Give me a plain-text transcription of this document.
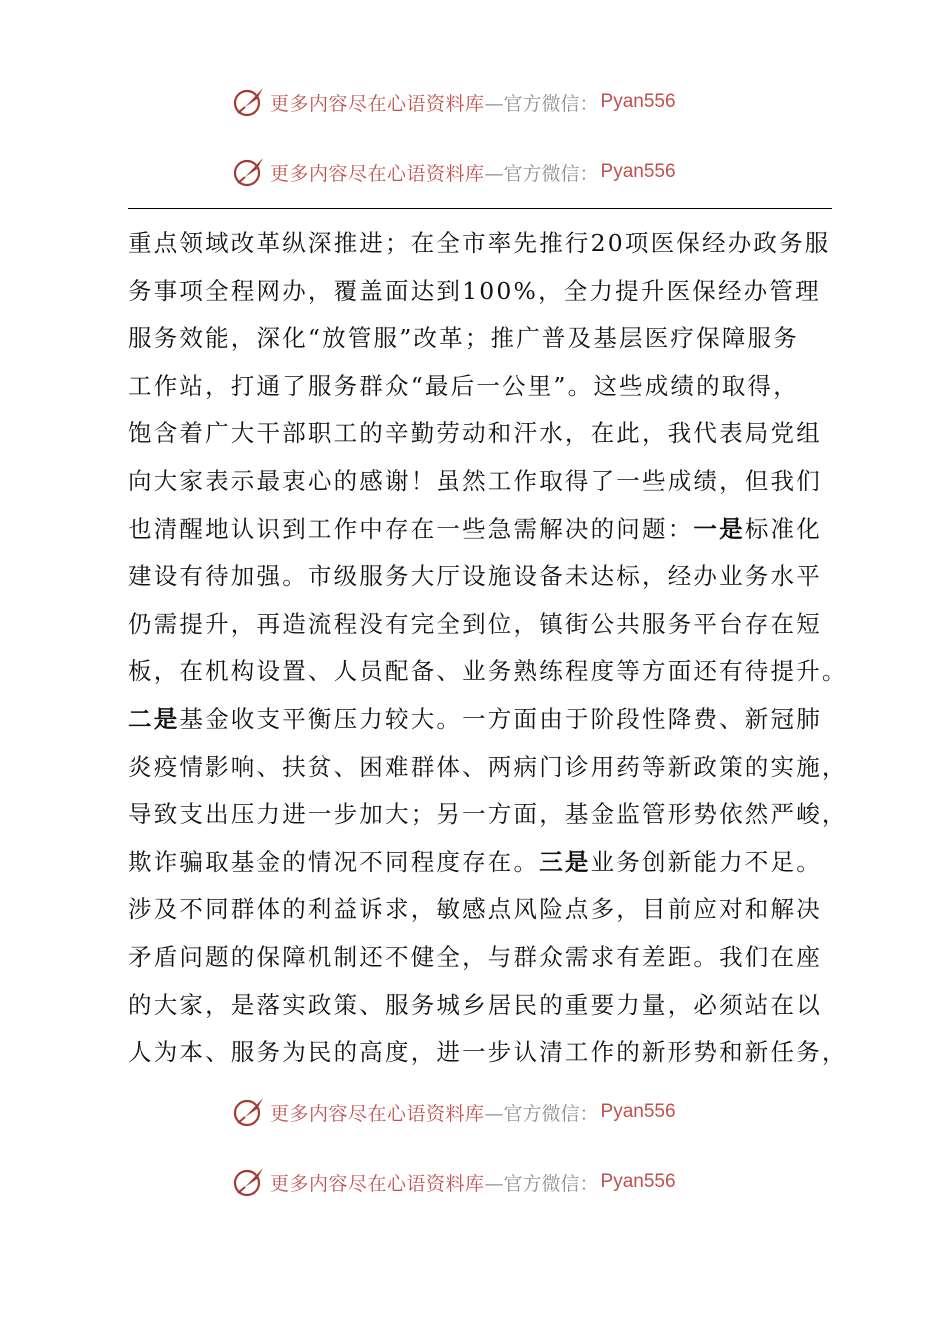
更多内容尽在心语资料库 —官方微信： Pyan556
更多内容尽在心语资料库 —官方微信： Pyan556
重点领域改革纵深推进；在全市率先推行20项医保经办政务服
务事项全程网办，覆盖面达到100%，全力提升医保经办管理
服务效能，深化“放管服”改革；推广普及基层医疗保障服务
工作站，打通了服务群众“最后一公里”。这些成绩的取得，
饱含着广大干部职工的辛勤劳动和汗水，在此，我代表局党组
向大家表示最衷心的感谢！虽然工作取得了一些成绩，但我们
也清醒地认识到工作中存在一些急需解决的问题：一是标准化
建设有待加强。市级服务大厅设施设备未达标，经办业务水平
仍需提升，再造流程没有完全到位，镇街公共服务平台存在短
板，在机构设置、人员配备、业务熟练程度等方面还有待提升。
二是基金收支平衡压力较大。一方面由于阶段性降费、新冠肺
炎疫情影响、扶贫、困难群体、两病门诊用药等新政策的实施，
导致支出压力进一步加大；另一方面，基金监管形势依然严峻，
欺诈骗取基金的情况不同程度存在。三是业务创新能力不足。
涉及不同群体的利益诉求，敏感点风险点多，目前应对和解决
矛盾问题的保障机制还不健全，与群众需求有差距。我们在座
的大家，是落实政策、服务城乡居民的重要力量，必须站在以
人为本、服务为民的高度，进一步认清工作的新形势和新任务，
更多内容尽在心语资料库 —官方微信： Pyan556
更多内容尽在心语资料库 —官方微信： Pyan556
